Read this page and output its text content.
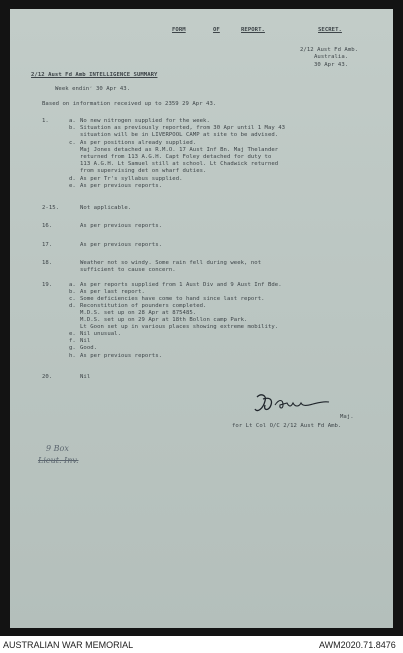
FORM	OF	REPORT.	SECRET.
2/12 Aust Fd Amb.
Australia.
30 Apr 43.
2/12 Aust Fd Amb INTELLIGENCE SUMMARY
Week endin̒ 30 Apr 43.
Based on information received up to 2359 29 Apr 43.
1.	a. No new nitrogen supplied for the week.
b. Situation as previously reported, from 30 Apr until 1 May 43
situation will be in LIVERPOOL CAMP at site to be advised.
c. As per positions already supplied.
Maj Jones detached as R.M.O. 17 Aust Inf Bn. Maj Thelander
returned from 113 A.G.H. Capt Foley detached for duty to
113 A.G.H. Lt Samuel still at school. Lt Chadwick returned
from supervising det on wharf duties.
d. As per Tr's syllabus supplied.
e. As per previous reports.
2-15.	Not applicable.
16.	As per previous reports.
17.	As per previous reports.
18.	Weather not so windy. Some rain fell during week, not
sufficient to cause concern.
19.	a. As per reports supplied from 1 Aust Div and 9 Aust Inf Bde.
b. As per last report.
c. Some deficiencies have come to hand since last report.
d. Reconstitution of pounders completed.
M.D.S. set up on 28 Apr at 875485.
M.D.S. set up on 29 Apr at 18th Bollon camp Park.
Lt Goon set up in various places showing extreme mobility.
e. Nil unusual.
f. Nil
g. Good.
h. As per previous reports.
20.	Nil
Maj.
for Lt Col O/C 2/12 Aust Fd Amb.
9 Box
Lieut. Inv.
AUSTRALIAN WAR MEMORIAL	AWM2020.71.8476
